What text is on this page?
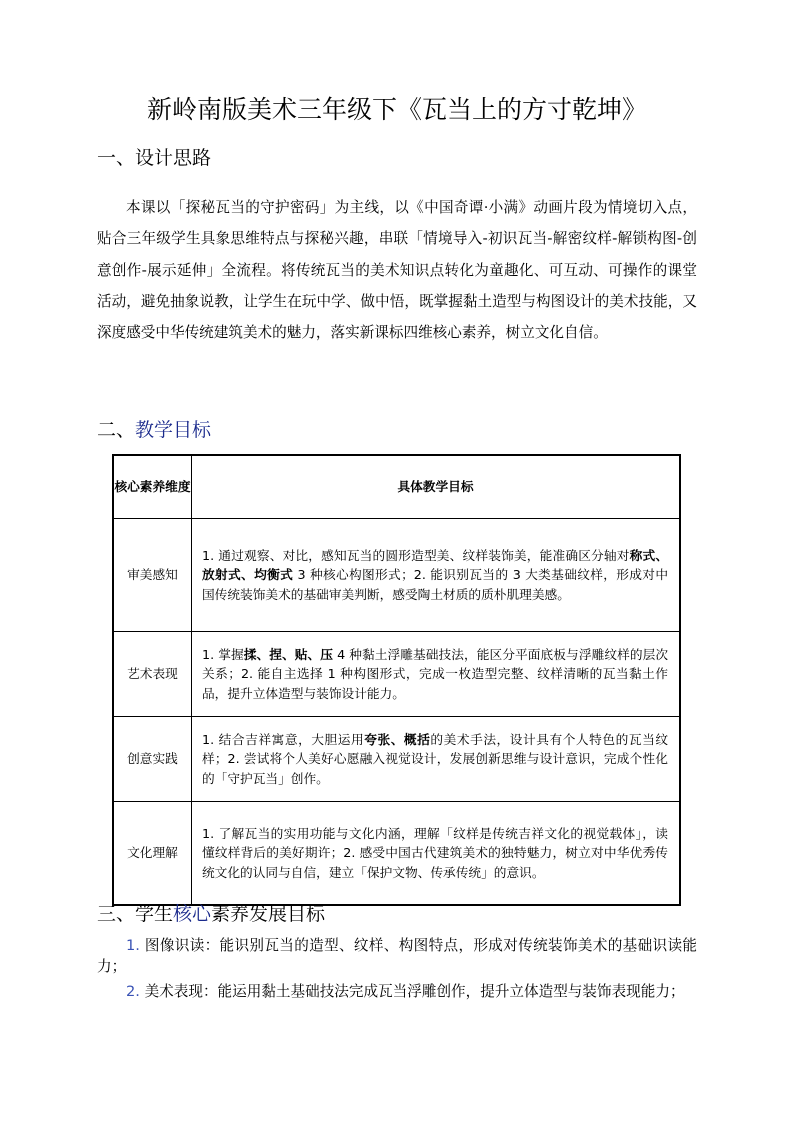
新岭南版美术三年级下《瓦当上的方寸乾坤》
一、设计思路
本课以「探秘瓦当的守护密码」为主线，以《中国奇谭·小满》动画片段为情境切入点，贴合三年级学生具象思维特点与探秘兴趣，串联「情境导入-初识瓦当-解密纹样-解锁构图-创意创作-展示延伸」全流程。将传统瓦当的美术知识点转化为童趣化、可互动、可操作的课堂活动，避免抽象说教，让学生在玩中学、做中悟，既掌握黏土造型与构图设计的美术技能，又深度感受中华传统建筑美术的魅力，落实新课标四维核心素养，树立文化自信。
二、教学目标
核心素养维度	具体教学目标
审美感知	1. 通过观察、对比，感知瓦当的圆形造型美、纹样装饰美，能准确区分轴对称式、放射式、均衡式 3 种核心构图形式；2. 能识别瓦当的 3 大类基础纹样，形成对中国传统装饰美术的基础审美判断，感受陶土材质的质朴肌理美感。
艺术表现	1. 掌握揉、捏、贴、压 4 种黏土浮雕基础技法，能区分平面底板与浮雕纹样的层次关系；2. 能自主选择 1 种构图形式，完成一枚造型完整、纹样清晰的瓦当黏土作品，提升立体造型与装饰设计能力。
创意实践	1. 结合吉祥寓意，大胆运用夸张、概括的美术手法，设计具有个人特色的瓦当纹样；2. 尝试将个人美好心愿融入视觉设计，发展创新思维与设计意识，完成个性化的「守护瓦当」创作。
文化理解	1. 了解瓦当的实用功能与文化内涵，理解「纹样是传统吉祥文化的视觉载体」，读懂纹样背后的美好期许；2. 感受中国古代建筑美术的独特魅力，树立对中华优秀传统文化的认同与自信，建立「保护文物、传承传统」的意识。
三、学生核心素养发展目标
1. 图像识读：能识别瓦当的造型、纹样、构图特点，形成对传统装饰美术的基础识读能力；
2. 美术表现：能运用黏土基础技法完成瓦当浮雕创作，提升立体造型与装饰表现能力；
